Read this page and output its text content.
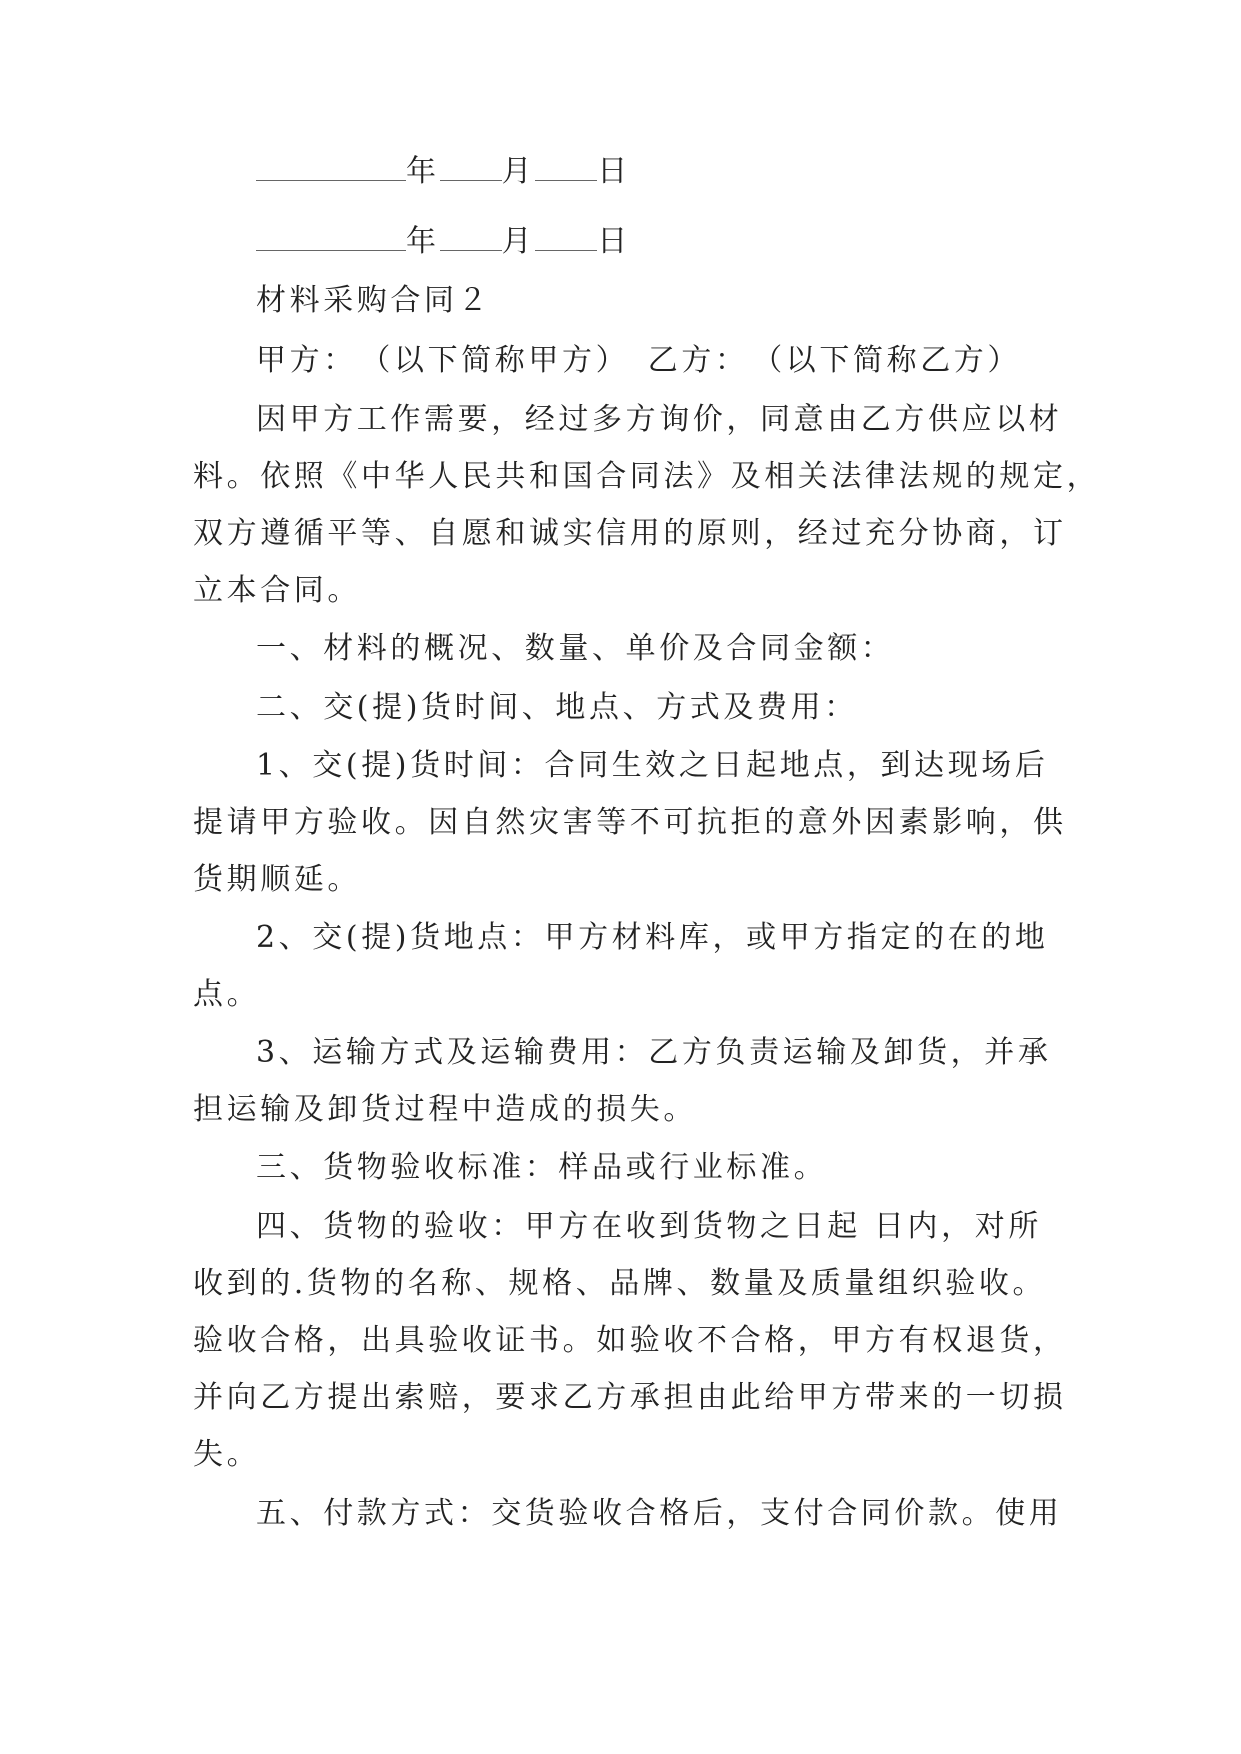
年 月 日
年 月 日
材料采购合同２
甲方：　（以下简称甲方）　乙方：　（以下简称乙方）
因甲方工作需要，经过多方询价，同意由乙方供应以材
料。依照《中华人民共和国合同法》及相关法律法规的规定，
双方遵循平等、自愿和诚实信用的原则，经过充分协商，订
立本合同。
一、材料的概况、数量、单价及合同金额：
二、交(提)货时间、地点、方式及费用：
1、交(提)货时间：合同生效之日起地点，到达现场后
提请甲方验收。因自然灾害等不可抗拒的意外因素影响，供
货期顺延。
2、交(提)货地点：甲方材料库，或甲方指定的在的地
点。
3、运输方式及运输费用：乙方负责运输及卸货，并承
担运输及卸货过程中造成的损失。
三、货物验收标准：样品或行业标准。
四、货物的验收：甲方在收到货物之日起 日内，对所
收到的.货物的名称、规格、品牌、数量及质量组织验收。
验收合格，出具验收证书。如验收不合格，甲方有权退货，
并向乙方提出索赔，要求乙方承担由此给甲方带来的一切损
失。
五、付款方式：交货验收合格后，支付合同价款。使用
